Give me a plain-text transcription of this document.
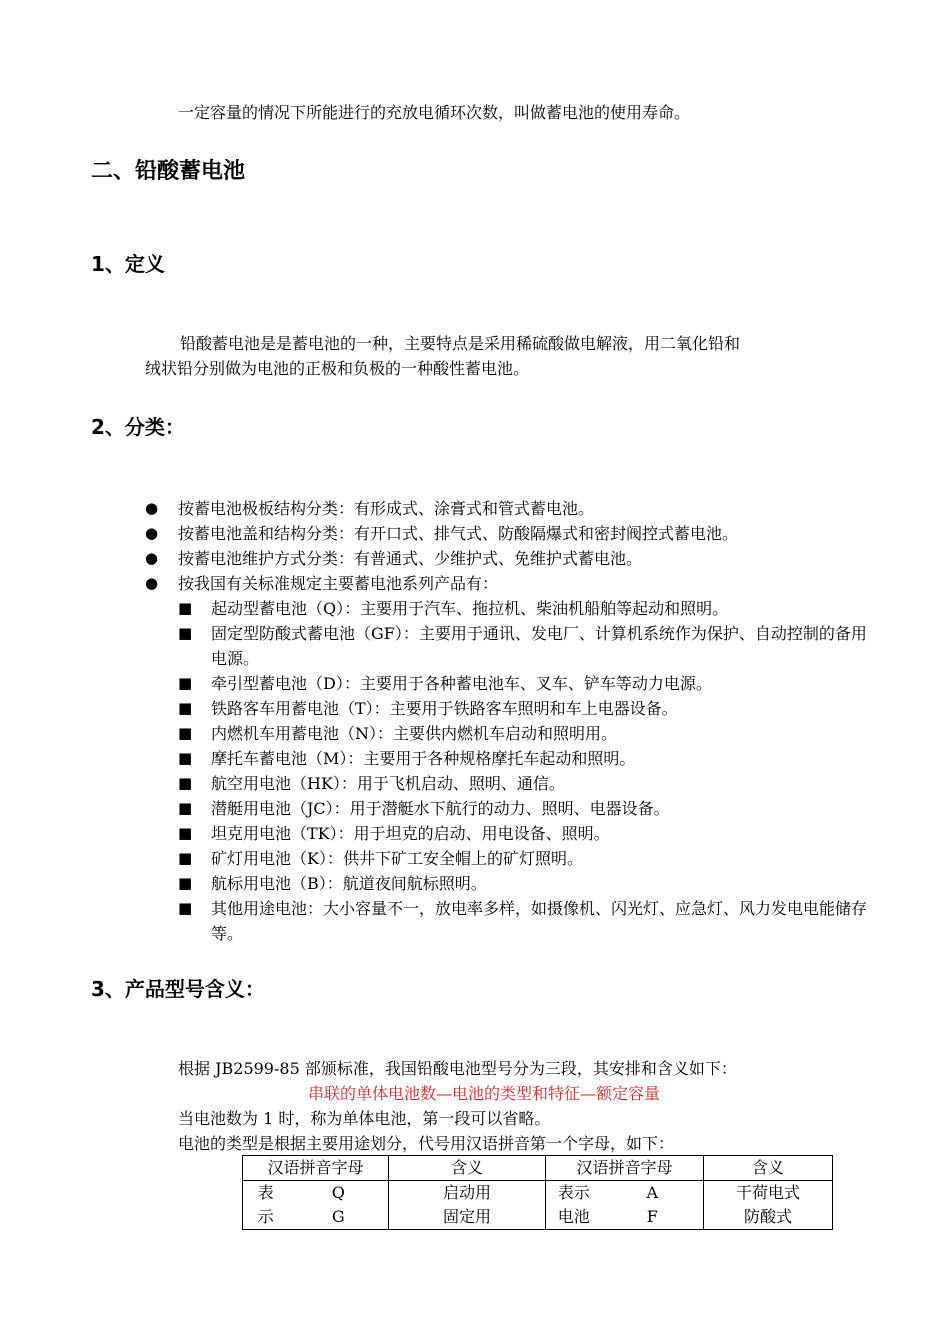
一定容量的情况下所能进行的充放电循环次数，叫做蓄电池的使用寿命。

二、铅酸蓄电池
1、定义

铅酸蓄电池是是蓄电池的一种，主要特点是采用稀硫酸做电解液，用二氧化铅和

绒状铅分别做为电池的正极和负极的一种酸性蓄电池。

2、分类：
● 按蓄电池极板结构分类：有形成式、涂膏式和管式蓄电池。
● 按蓄电池盖和结构分类：有开口式、排气式、防酸隔爆式和密封阀控式蓄电池。
● 按蓄电池维护方式分类：有普通式、少维护式、免维护式蓄电池。
● 按我国有关标准规定主要蓄电池系列产品有：
■ 起动型蓄电池（Q）：主要用于汽车、拖拉机、柴油机船舶等起动和照明。
■ 固定型防酸式蓄电池（GF）：主要用于通讯、发电厂、计算机系统作为保护、自动控制的备用电源。
■ 牵引型蓄电池（D）：主要用于各种蓄电池车、叉车、铲车等动力电源。
■ 铁路客车用蓄电池（T）：主要用于铁路客车照明和车上电器设备。
■ 内燃机车用蓄电池（N）：主要供内燃机车启动和照明用。
■ 摩托车蓄电池（M）：主要用于各种规格摩托车起动和照明。
■ 航空用电池（HK）：用于飞机启动、照明、通信。
■ 潜艇用电池（JC）：用于潜艇水下航行的动力、照明、电器设备。
■ 坦克用电池（TK）：用于坦克的启动、用电设备、照明。
■ 矿灯用电池（K）：供井下矿工安全帽上的矿灯照明。
■ 航标用电池（B）：航道夜间航标照明。
■ 其他用途电池：大小容量不一，放电率多样，如摄像机、闪光灯、应急灯、风力发电电能储存等。
3、产品型号含义：

根据 JB2599-85 部颁标准，我国铅酸电池型号分为三段，其安排和含义如下：

串联的单体电池数—电池的类型和特征—额定容量

当电池数为 1 时，称为单体电池，第一段可以省略。

电池的类型是根据主要用途划分，代号用汉语拼音第一个字母，如下：

汉语拼音字母		含义	汉语拼音字母		含义
表	Q	启动用	表示	A	干荷电式
示	G	固定用	电池	F	防酸式
